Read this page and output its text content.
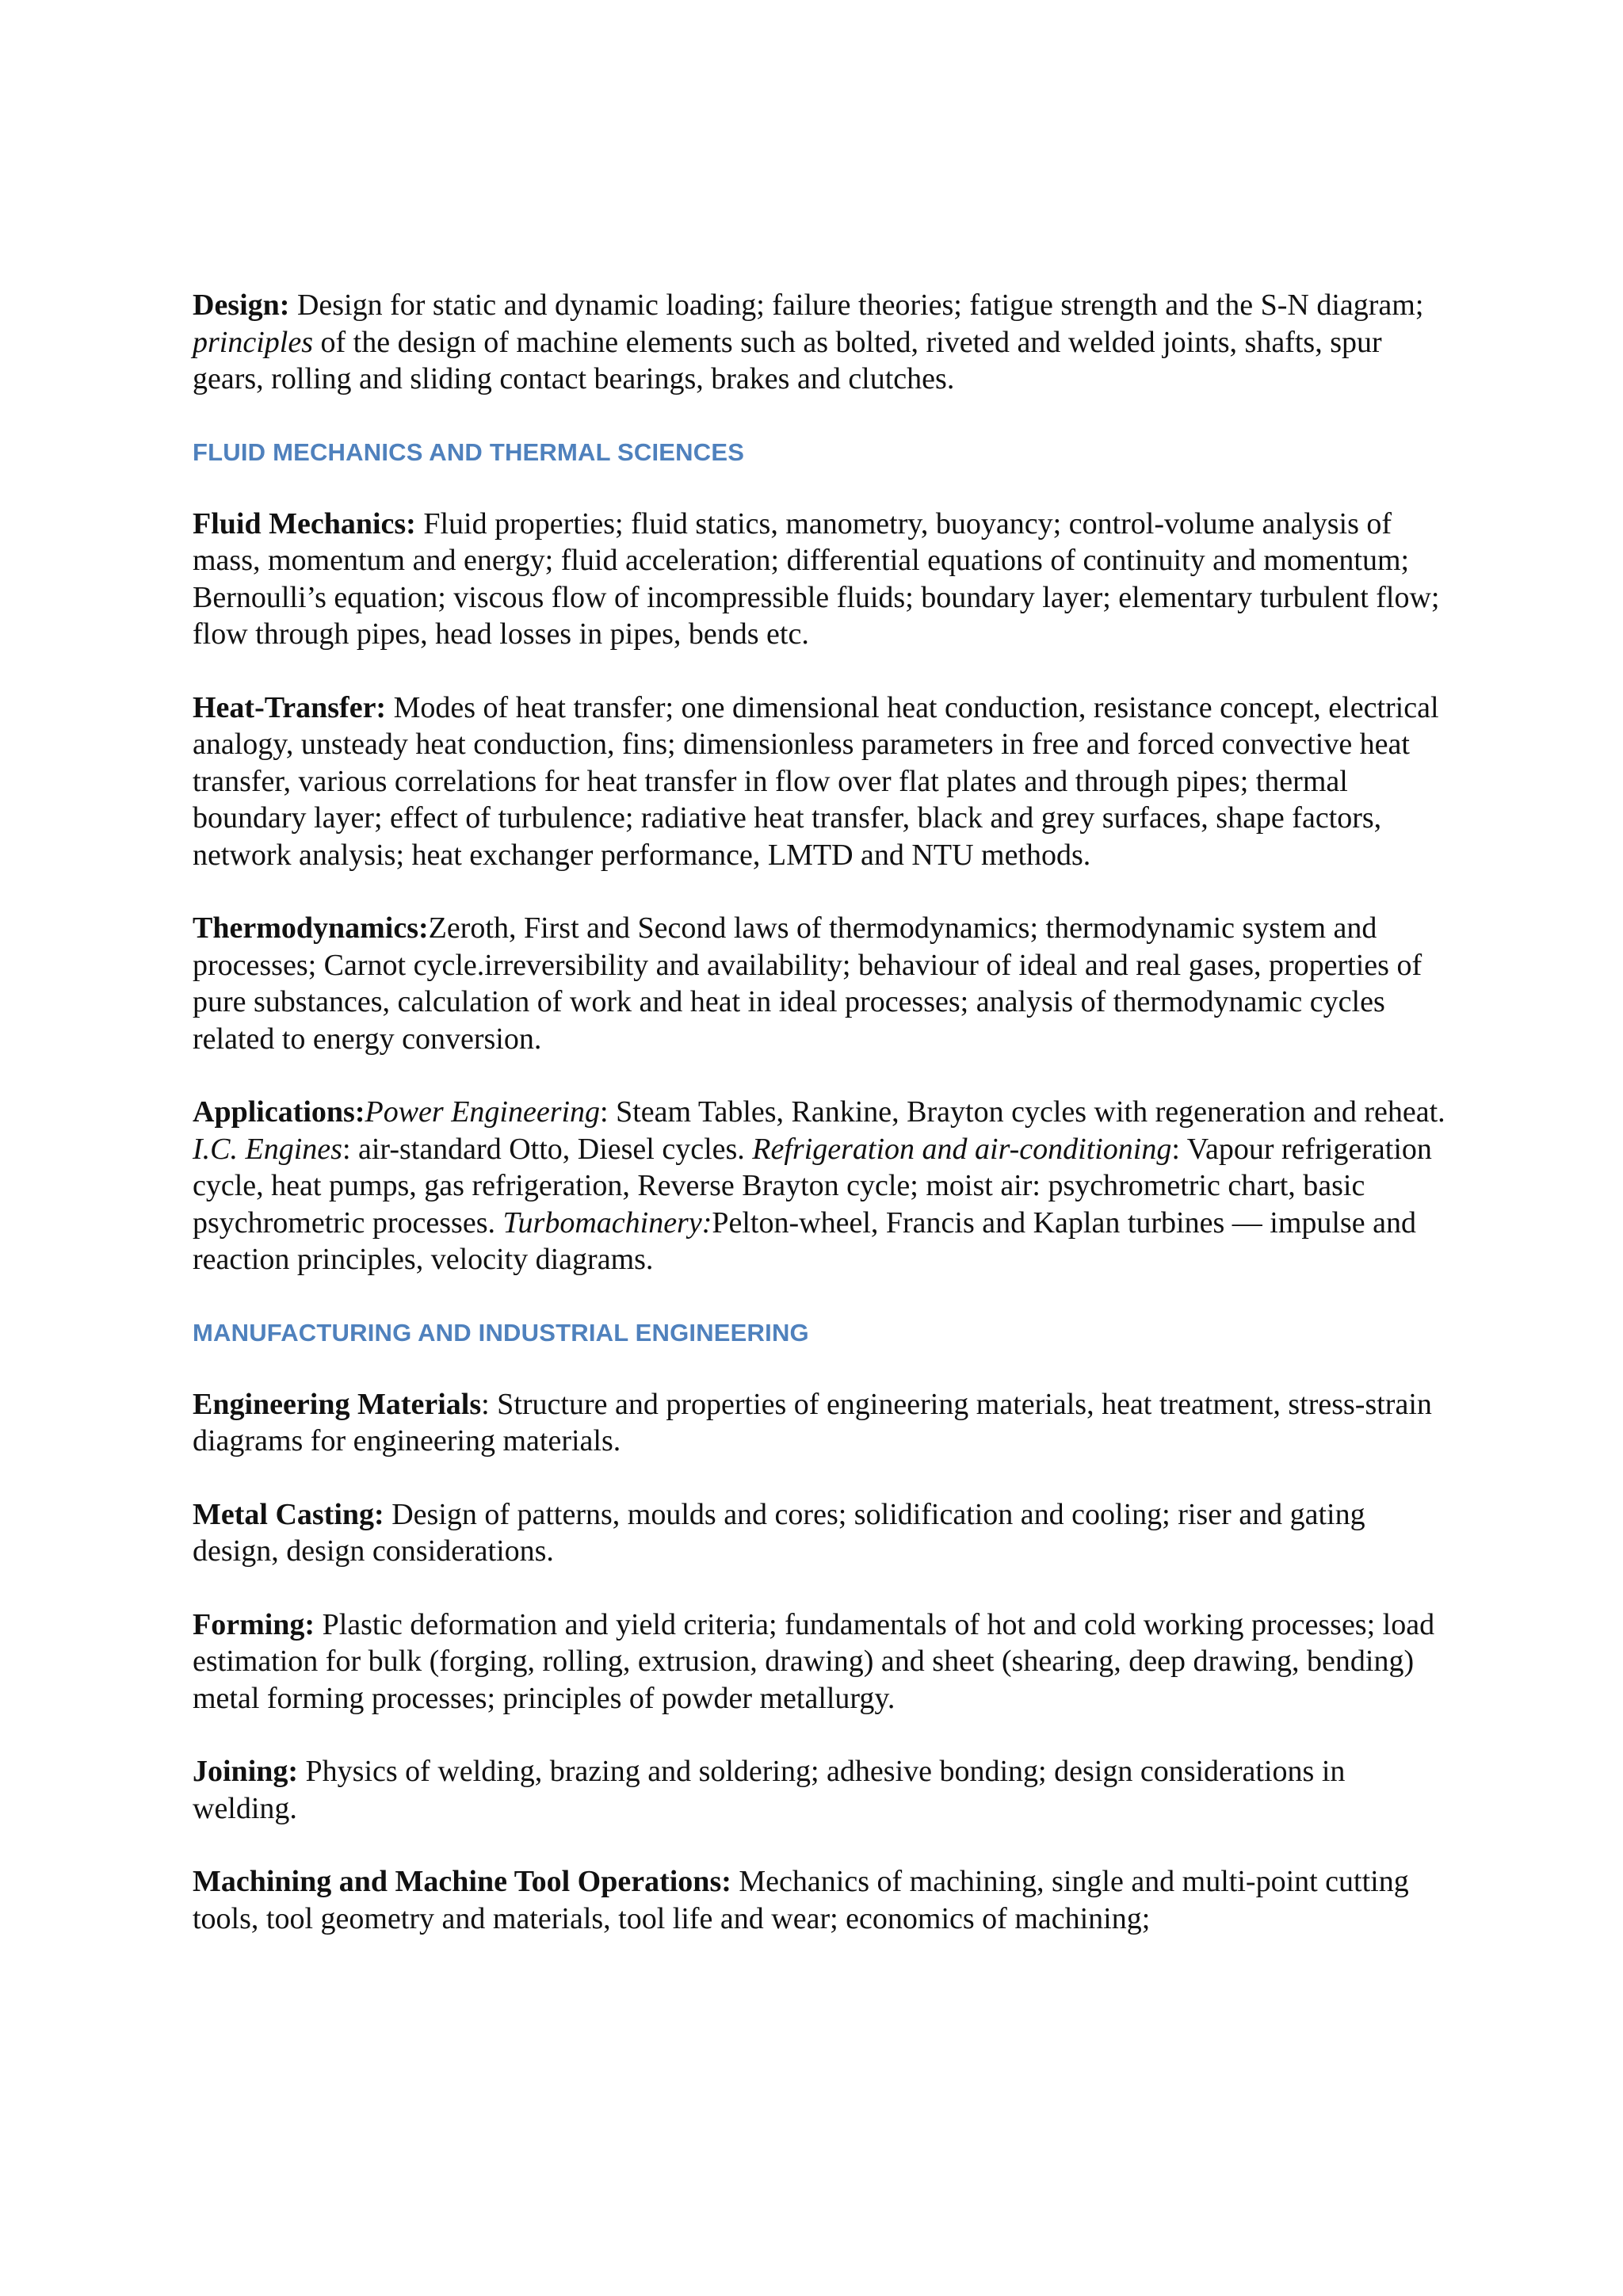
Design: Design for static and dynamic loading; failure theories; fatigue strength and the S-N diagram; principles of the design of machine elements such as bolted, riveted and welded joints, shafts, spur gears, rolling and sliding contact bearings, brakes and clutches.

FLUID MECHANICS AND THERMAL SCIENCES

Fluid Mechanics: Fluid properties; fluid statics, manometry, buoyancy; control-volume analysis of mass, momentum and energy; fluid acceleration; differential equations of continuity and momentum; Bernoulli’s equation; viscous flow of incompressible fluids; boundary layer; elementary turbulent flow; flow through pipes, head losses in pipes, bends etc.

Heat-Transfer: Modes of heat transfer; one dimensional heat conduction, resistance concept, electrical analogy, unsteady heat conduction, fins; dimensionless parameters in free and forced convective heat transfer, various correlations for heat transfer in flow over flat plates and through pipes; thermal boundary layer; effect of turbulence; radiative heat transfer, black and grey surfaces, shape factors, network analysis; heat exchanger performance, LMTD and NTU methods.

Thermodynamics:Zeroth, First and Second laws of thermodynamics; thermodynamic system and processes; Carnot cycle.irreversibility and availability; behaviour of ideal and real gases, properties of pure substances, calculation of work and heat in ideal processes; analysis of thermodynamic cycles related to energy conversion.

Applications:Power Engineering: Steam Tables, Rankine, Brayton cycles with regeneration and reheat. I.C. Engines: air-standard Otto, Diesel cycles. Refrigeration and air-conditioning: Vapour refrigeration cycle, heat pumps, gas refrigeration, Reverse Brayton cycle; moist air: psychrometric chart, basic psychrometric processes. Turbomachinery:Pelton-wheel, Francis and Kaplan turbines — impulse and reaction principles, velocity diagrams.

MANUFACTURING AND INDUSTRIAL ENGINEERING

Engineering Materials: Structure and properties of engineering materials, heat treatment, stress-strain diagrams for engineering materials.

Metal Casting: Design of patterns, moulds and cores; solidification and cooling; riser and gating design, design considerations.

Forming: Plastic deformation and yield criteria; fundamentals of hot and cold working processes; load estimation for bulk (forging, rolling, extrusion, drawing) and sheet (shearing, deep drawing, bending) metal forming processes; principles of powder metallurgy.

Joining: Physics of welding, brazing and soldering; adhesive bonding; design considerations in welding.

Machining and Machine Tool Operations: Mechanics of machining, single and multi-point cutting tools, tool geometry and materials, tool life and wear; economics of machining;
